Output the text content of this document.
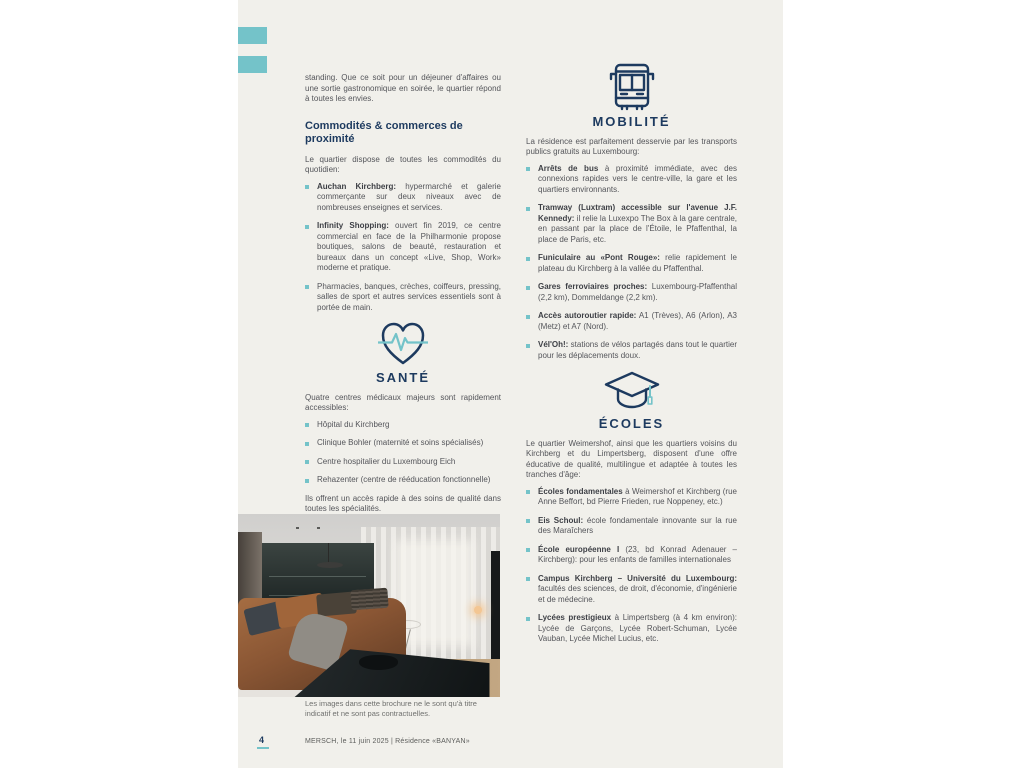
standing. Que ce soit pour un déjeuner d'affaires ou une sortie gastronomique en soirée, le quartier répond à toutes les envies.

Commodités & commerces de proximité

Le quartier dispose de toutes les commodités du quotidien:

Auchan Kirchberg: hypermarché et galerie commerçante sur deux niveaux avec de nombreuses enseignes et services.
Infinity Shopping: ouvert fin 2019, ce centre commercial en face de la Philharmonie propose boutiques, salons de beauté, restauration et bureaux dans un concept «Live, Shop, Work» moderne et pratique.
Pharmacies, banques, crèches, coiffeurs, pressing, salles de sport et autres services essentiels sont à portée de main.
SANTÉ

Quatre centres médicaux majeurs sont rapidement accessibles:

Hôpital du Kirchberg
Clinique Bohler (maternité et soins spécialisés)
Centre hospitalier du Luxembourg Eich
Rehazenter (centre de rééducation fonctionnelle)

Ils offrent un accès rapide à des soins de qualité dans toutes les spécialités.

Les images dans cette brochure ne le sont qu'à titre indicatif et ne sont pas contractuelles.

MOBILITÉ

La résidence est parfaitement desservie par les transports publics gratuits au Luxembourg:

Arrêts de bus à proximité immédiate, avec des connexions rapides vers le centre-ville, la gare et les quartiers environnants.
Tramway (Luxtram) accessible sur l'avenue J.F. Kennedy: il relie la Luxexpo The Box à la gare centrale, en passant par la place de l'Étoile, le Pfaffenthal, la place de Paris, etc.
Funiculaire au «Pont Rouge»: relie rapidement le plateau du Kirchberg à la vallée du Pfaffenthal.
Gares ferroviaires proches: Luxembourg-Pfaffenthal (2,2 km), Dommeldange (2,2 km).
Accès autoroutier rapide: A1 (Trèves), A6 (Arlon), A3 (Metz) et A7 (Nord).
Vél'Oh!: stations de vélos partagés dans tout le quartier pour les déplacements doux.
ÉCOLES

Le quartier Weimershof, ainsi que les quartiers voisins du Kirchberg et du Limpertsberg, disposent d'une offre éducative de qualité, multilingue et adaptée à toutes les tranches d'âge:

Écoles fondamentales à Weimershof et Kirchberg (rue Anne Beffort, bd Pierre Frieden, rue Noppeney, etc.)
Eis Schoul: école fondamentale innovante sur la rue des Maraîchers
École européenne I (23, bd Konrad Adenauer – Kirchberg): pour les enfants de familles internationales
Campus Kirchberg – Université du Luxembourg: facultés des sciences, de droit, d'économie, d'ingénierie et de médecine.
Lycées prestigieux à Limpertsberg (à 4 km environ): Lycée de Garçons, Lycée Robert-Schuman, Lycée Vauban, Lycée Michel Lucius, etc.
4	MERSCH, le 11 juin 2025 | Résidence «BANYAN»
